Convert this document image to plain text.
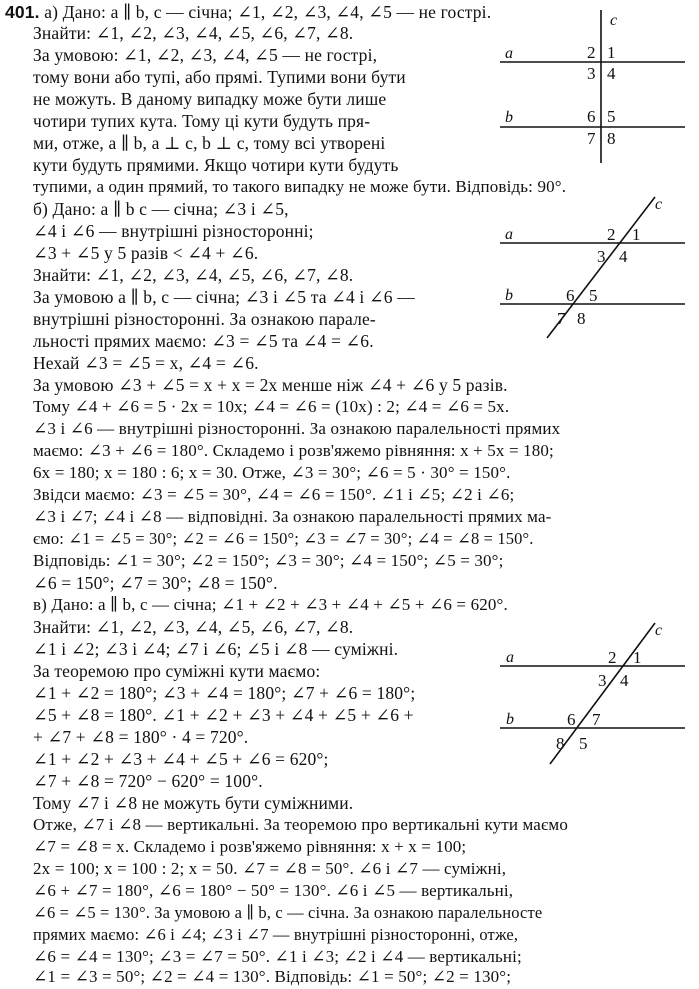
401. а) Дано: a ∥ b, c — січна; ∠1, ∠2, ∠3, ∠4, ∠5 — не гострі.
Знайти: ∠1, ∠2, ∠3, ∠4, ∠5, ∠6, ∠7, ∠8.
За умовою: ∠1, ∠2, ∠3, ∠4, ∠5 — не гострі,
тому вони або тупі, або прямі. Тупими вони бути
не можуть. В даному випадку може бути лише
чотири тупих кута. Тому ці кути будуть пря-
ми, отже, a ∥ b, a ⊥ c, b ⊥ c, тому всі утворені
кути будуть прямими. Якщо чотири кути будуть
тупими, а один прямий, то такого випадку не може бути. Відповідь: 90°.
б) Дано: a ∥ b c — січна; ∠3 і ∠5,
∠4 і ∠6 — внутрішні різносторонні;
∠3 + ∠5 у 5 разів < ∠4 + ∠6.
Знайти: ∠1, ∠2, ∠3, ∠4, ∠5, ∠6, ∠7, ∠8.
За умовою a ∥ b, c — січна; ∠3 і ∠5 та ∠4 і ∠6 —
внутрішні різносторонні. За ознакою парале-
льності прямих маємо: ∠3 = ∠5 та ∠4 = ∠6.
Нехай ∠3 = ∠5 = x, ∠4 = ∠6.
За умовою ∠3 + ∠5 = x + x = 2x менше ніж ∠4 + ∠6 у 5 разів.
Тому ∠4 + ∠6 = 5 · 2x = 10x; ∠4 = ∠6 = (10x) : 2; ∠4 = ∠6 = 5x.
∠3 і ∠6 — внутрішні різносторонні. За ознакою паралельності прямих
маємо: ∠3 + ∠6 = 180°. Складемо і розв'яжемо рівняння: x + 5x = 180;
6x = 180; x = 180 : 6; x = 30. Отже, ∠3 = 30°; ∠6 = 5 · 30° = 150°.
Звідси маємо: ∠3 = ∠5 = 30°, ∠4 = ∠6 = 150°. ∠1 і ∠5; ∠2 і ∠6;
∠3 і ∠7; ∠4 і ∠8 — відповідні. За ознакою паралельності прямих ма-
ємо: ∠1 = ∠5 = 30°; ∠2 = ∠6 = 150°; ∠3 = ∠7 = 30°; ∠4 = ∠8 = 150°.
Відповідь: ∠1 = 30°; ∠2 = 150°; ∠3 = 30°; ∠4 = 150°; ∠5 = 30°;
∠6 = 150°; ∠7 = 30°; ∠8 = 150°.
в) Дано: a ∥ b, c — січна; ∠1 + ∠2 + ∠3 + ∠4 + ∠5 + ∠6 = 620°.
Знайти: ∠1, ∠2, ∠3, ∠4, ∠5, ∠6, ∠7, ∠8.
∠1 і ∠2; ∠3 і ∠4; ∠7 і ∠6; ∠5 і ∠8 — суміжні.
За теоремою про суміжні кути маємо:
∠1 + ∠2 = 180°; ∠3 + ∠4 = 180°; ∠7 + ∠6 = 180°;
∠5 + ∠8 = 180°. ∠1 + ∠2 + ∠3 + ∠4 + ∠5 + ∠6 +
+ ∠7 + ∠8 = 180° · 4 = 720°.
∠1 + ∠2 + ∠3 + ∠4 + ∠5 + ∠6 = 620°;
∠7 + ∠8 = 720° − 620° = 100°.
Тому ∠7 і ∠8 не можуть бути суміжними.
Отже, ∠7 і ∠8 — вертикальні. За теоремою про вертикальні кути маємо
∠7 = ∠8 = x. Складемо і розв'яжемо рівняння: x + x = 100;
2x = 100; x = 100 : 2; x = 50. ∠7 = ∠8 = 50°. ∠6 і ∠7 — суміжні,
∠6 + ∠7 = 180°, ∠6 = 180° − 50° = 130°. ∠6 і ∠5 — вертикальні,
∠6 = ∠5 = 130°. За умовою a ∥ b, c — січна. За ознакою паралельносте
прямих маємо: ∠6 і ∠4; ∠3 і ∠7 — внутрішні різносторонні, отже,
∠6 = ∠4 = 130°; ∠3 = ∠7 = 50°. ∠1 і ∠3; ∠2 і ∠4 — вертикальні;
∠1 = ∠3 = 50°; ∠2 = ∠4 = 130°. Відповідь: ∠1 = 50°; ∠2 = 130°;
c
a
b
2 1
3 4
6 5
7 8
c
a
b
2 1
3 4
6 5
7 8
c
a
b
2 1
3 4
6 7
8 5
